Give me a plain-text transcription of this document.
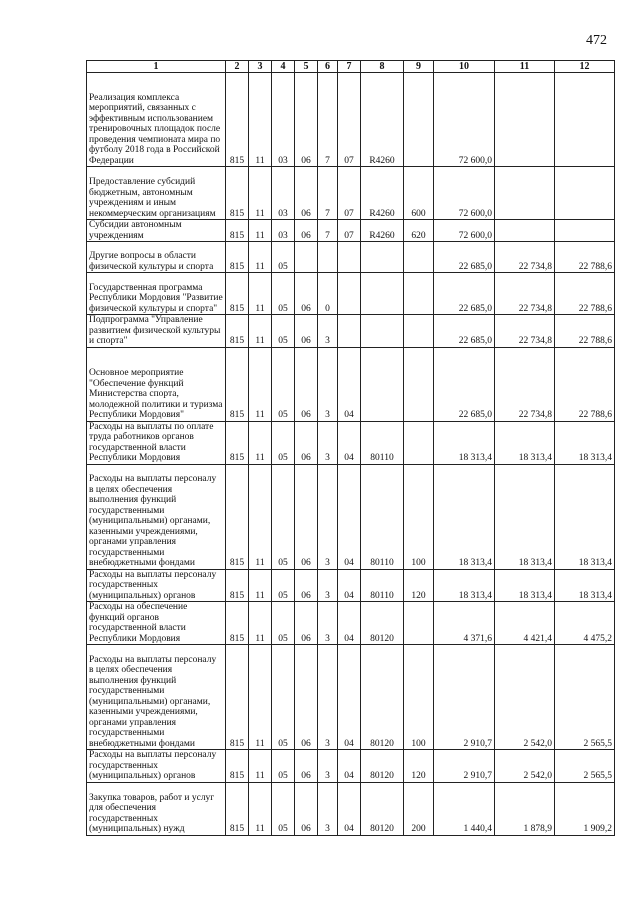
472
1	2	3	4	5	6	7	8	9	10	11	12
Реализация комплекса мероприятий, связанных с эффективным использованием тренировочных площадок после проведения чемпионата мира по футболу 2018 года в Российской Федерации	815	11	03	06	7	07	R4260		72 600,0		
Предоставление субсидий бюджетным, автономным учреждениям и иным некоммерческим организациям	815	11	03	06	7	07	R4260	600	72 600,0		
Субсидии автономным учреждениям	815	11	03	06	7	07	R4260	620	72 600,0		
Другие вопросы в области физической культуры и спорта	815	11	05						22 685,0	22 734,8	22 788,6
Государственная программа Республики Мордовия "Развитие физической культуры и спорта"	815	11	05	06	0				22 685,0	22 734,8	22 788,6
Подпрограмма "Управление развитием физической культуры и спорта"	815	11	05	06	3				22 685,0	22 734,8	22 788,6
Основное мероприятие "Обеспечение функций Министерства спорта, молодежной политики и туризма Республики Мордовия"	815	11	05	06	3	04			22 685,0	22 734,8	22 788,6
Расходы на выплаты по оплате труда работников органов государственной власти Республики Мордовия	815	11	05	06	3	04	80110		18 313,4	18 313,4	18 313,4
Расходы на выплаты персоналу в целях обеспечения выполнения функций государственными (муниципальными) органами, казенными учреждениями, органами управления государственными внебюджетными фондами	815	11	05	06	3	04	80110	100	18 313,4	18 313,4	18 313,4
Расходы на выплаты персоналу государственных (муниципальных) органов	815	11	05	06	3	04	80110	120	18 313,4	18 313,4	18 313,4
Расходы на обеспечение функций органов государственной власти Республики Мордовия	815	11	05	06	3	04	80120		4 371,6	4 421,4	4 475,2
Расходы на выплаты персоналу в целях обеспечения выполнения функций государственными (муниципальными) органами, казенными учреждениями, органами управления государственными внебюджетными фондами	815	11	05	06	3	04	80120	100	2 910,7	2 542,0	2 565,5
Расходы на выплаты персоналу государственных (муниципальных) органов	815	11	05	06	3	04	80120	120	2 910,7	2 542,0	2 565,5
Закупка товаров, работ и услуг для обеспечения государственных (муниципальных) нужд	815	11	05	06	3	04	80120	200	1 440,4	1 878,9	1 909,2
